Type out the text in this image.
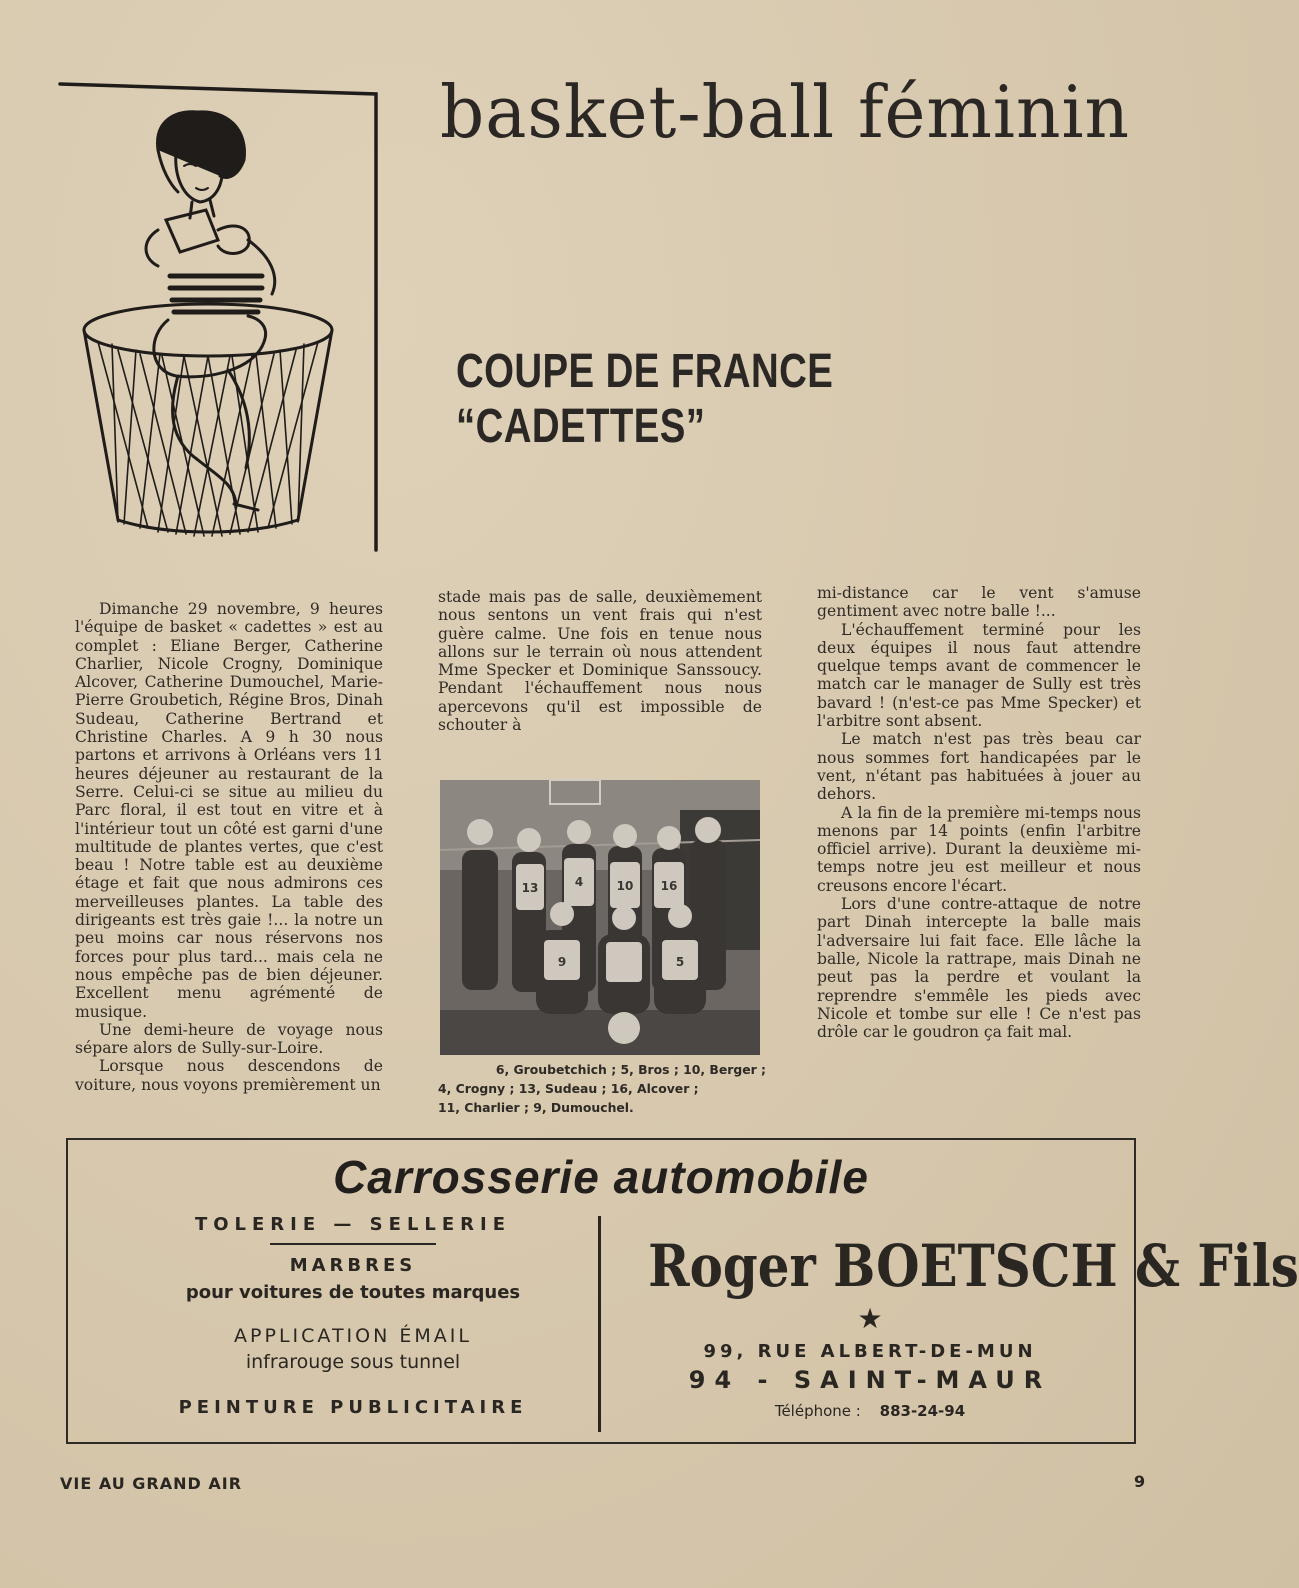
basket-ball féminin
COUPE DE FRANCE “CADETTES”

Dimanche 29 novembre, 9 heures l'équipe de basket « cadettes » est au complet : Eliane Berger, Catherine Charlier, Nicole Crogny, Dominique Alcover, Catherine Dumouchel, Marie-Pierre Groubetich, Régine Bros, Dinah Sudeau, Catherine Bertrand et Christine Charles. A 9 h 30 nous partons et arrivons à Orléans vers 11 heures déjeuner au restaurant de la Serre. Celui-ci se situe au milieu du Parc floral, il est tout en vitre et à l'intérieur tout un côté est garni d'une multitude de plantes vertes, que c'est beau ! Notre table est au deuxième étage et fait que nous admirons ces merveilleuses plantes. La table des dirigeants est très gaie !... la notre un peu moins car nous réservons nos forces pour plus tard... mais cela ne nous empêche pas de bien déjeuner. Excellent menu agrémenté de musique.

Une demi-heure de voyage nous sépare alors de Sully-sur-Loire.

Lorsque nous descendons de voiture, nous voyons premièrement un

stade mais pas de salle, deuxièmement nous sentons un vent frais qui n'est guère calme. Une fois en tenue nous allons sur le terrain où nous attendent Mme Specker et Dominique Sanssoucy. Pendant l'échauffement nous nous apercevons qu'il est impossible de schouter à

13	4	10 16
9	5
6, Groubetchich ; 5, Bros ; 10, Berger ;
4, Crogny ; 13, Sudeau ; 16, Alcover ;
11, Charlier ; 9, Dumouchel.

mi-distance car le vent s'amuse gentiment avec notre balle !...

L'échauffement terminé pour les deux équipes il nous faut attendre quelque temps avant de commencer le match car le manager de Sully est très bavard ! (n'est-ce pas Mme Specker) et l'arbitre sont absent.

Le match n'est pas très beau car nous sommes fort handicapées par le vent, n'étant pas habituées à jouer au dehors.

A la fin de la première mi-temps nous menons par 14 points (enfin l'arbitre officiel arrive). Durant la deuxième mi-temps notre jeu est meilleur et nous creusons encore l'écart.

Lors d'une contre-attaque de notre part Dinah intercepte la balle mais l'adversaire lui fait face. Elle lâche la balle, Nicole la rattrape, mais Dinah ne peut pas la perdre et voulant la reprendre s'emmêle les pieds avec Nicole et tombe sur elle ! Ce n'est pas drôle car le goudron ça fait mal.

Carrosserie automobile
TOLERIE — SELLERIE
MARBRES
pour voitures de toutes marques
APPLICATION ÉMAIL
infrarouge sous tunnel
PEINTURE PUBLICITAIRE
Roger BOETSCH & Fils
★
99, RUE ALBERT-DE-MUN
94 - SAINT-MAUR
Téléphone : 883-24-94
VIE AU GRAND AIR	9
